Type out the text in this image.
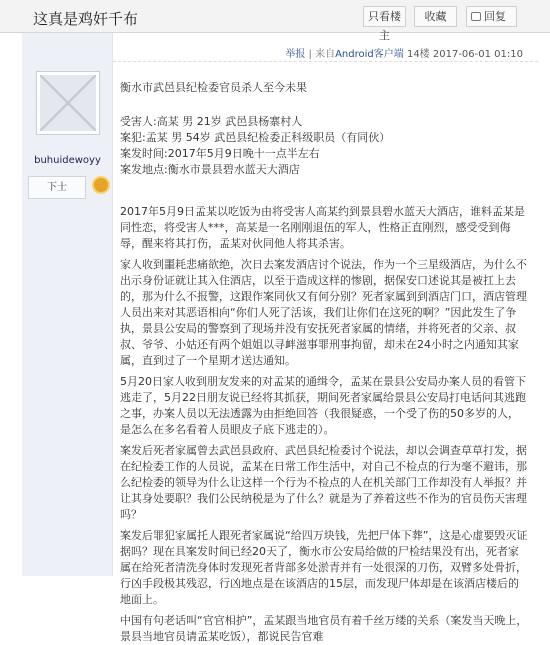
这真是鸡奸千布	只看楼主
收藏	回复
buhuidewoyy
下士
举报 | 来自Android客户端 14楼 2017-06-01 01:10
衡水市武邑县纪检委官员杀人至今未果
受害人:高某 男 21岁 武邑县杨寨村人
案犯:孟某 男 54岁 武邑县纪检委正科级职员（有同伙）
案发时间:2017年5月9日晚十一点半左右
案发地点:衡水市景县碧水蓝天大酒店
2017年5月9日孟某以吃饭为由将受害人高某约到景县碧水蓝天大酒店，谁料孟某是同性恋，将受害人***，高某是一名刚刚退伍的军人，性格正直刚烈，感受受到侮辱，醒来将其打伤，孟某对伙同他人将其杀害。
家人收到噩耗悲痛欲绝，次日去案发酒店讨个说法，作为一个三星级酒店，为什么不出示身份证就让其入住酒店，以至于造成这样的惨剧，据保安口述说其是被扛上去的，那为什么不报警，这跟作案同伙又有何分别？死者家属到到酒店门口，酒店管理人员出来对其恶语相向“你们人死了活该，我们让你们在这死的啊？”因此发生了争执，景县公安局的警察到了现场并没有安抚死者家属的情绪，并将死者的父亲、叔叔、爷爷、小姑还有两个姐姐以寻衅滋事罪刑事拘留，却未在24小时之内通知其家属，直到过了一个星期才送达通知。
5月20日家人收到朋友发来的对孟某的通缉令，孟某在景县公安局办案人员的看管下逃走了，5月22日朋友说已经将其抓获，期间死者家属给景县公安局打电话问其逃跑之事，办案人员以无法透露为由拒绝回答（我很疑惑，一个受了伤的50多岁的人，是怎么在多名看着人员眼皮子底下逃走的）。
案发后死者家属曾去武邑县政府、武邑县纪检委讨个说法，却以会调查草草打发，据在纪检委工作的人员说，孟某在日常工作生活中，对自己不检点的行为毫不避讳，那么纪检委的领导为什么让这样一个行为不检点的人在机关部门工作却没有人举报？并让其身处要职？我们公民纳税是为了什么？就是为了养着这些不作为的官员伤天害理吗？
案发后罪犯家属托人跟死者家属说“给四万块钱，先把尸体下葬”，这是心虚要毁灭证据吗？现在具案发时间已经20天了，衡水市公安局给做的尸检结果没有出，死者家属在给死者清洗身体时发现死者背部多处淤青并有一处很深的刀伤，双臂多处骨折，行凶手段极其残忍，行凶地点是在该酒店的15层，而发现尸体却是在该酒店楼后的地面上。
中国有句老话叫“官官相护”，孟某跟当地官员有着千丝万缕的关系（案发当天晚上，景县当地官员请孟某吃饭），都说民告官难
